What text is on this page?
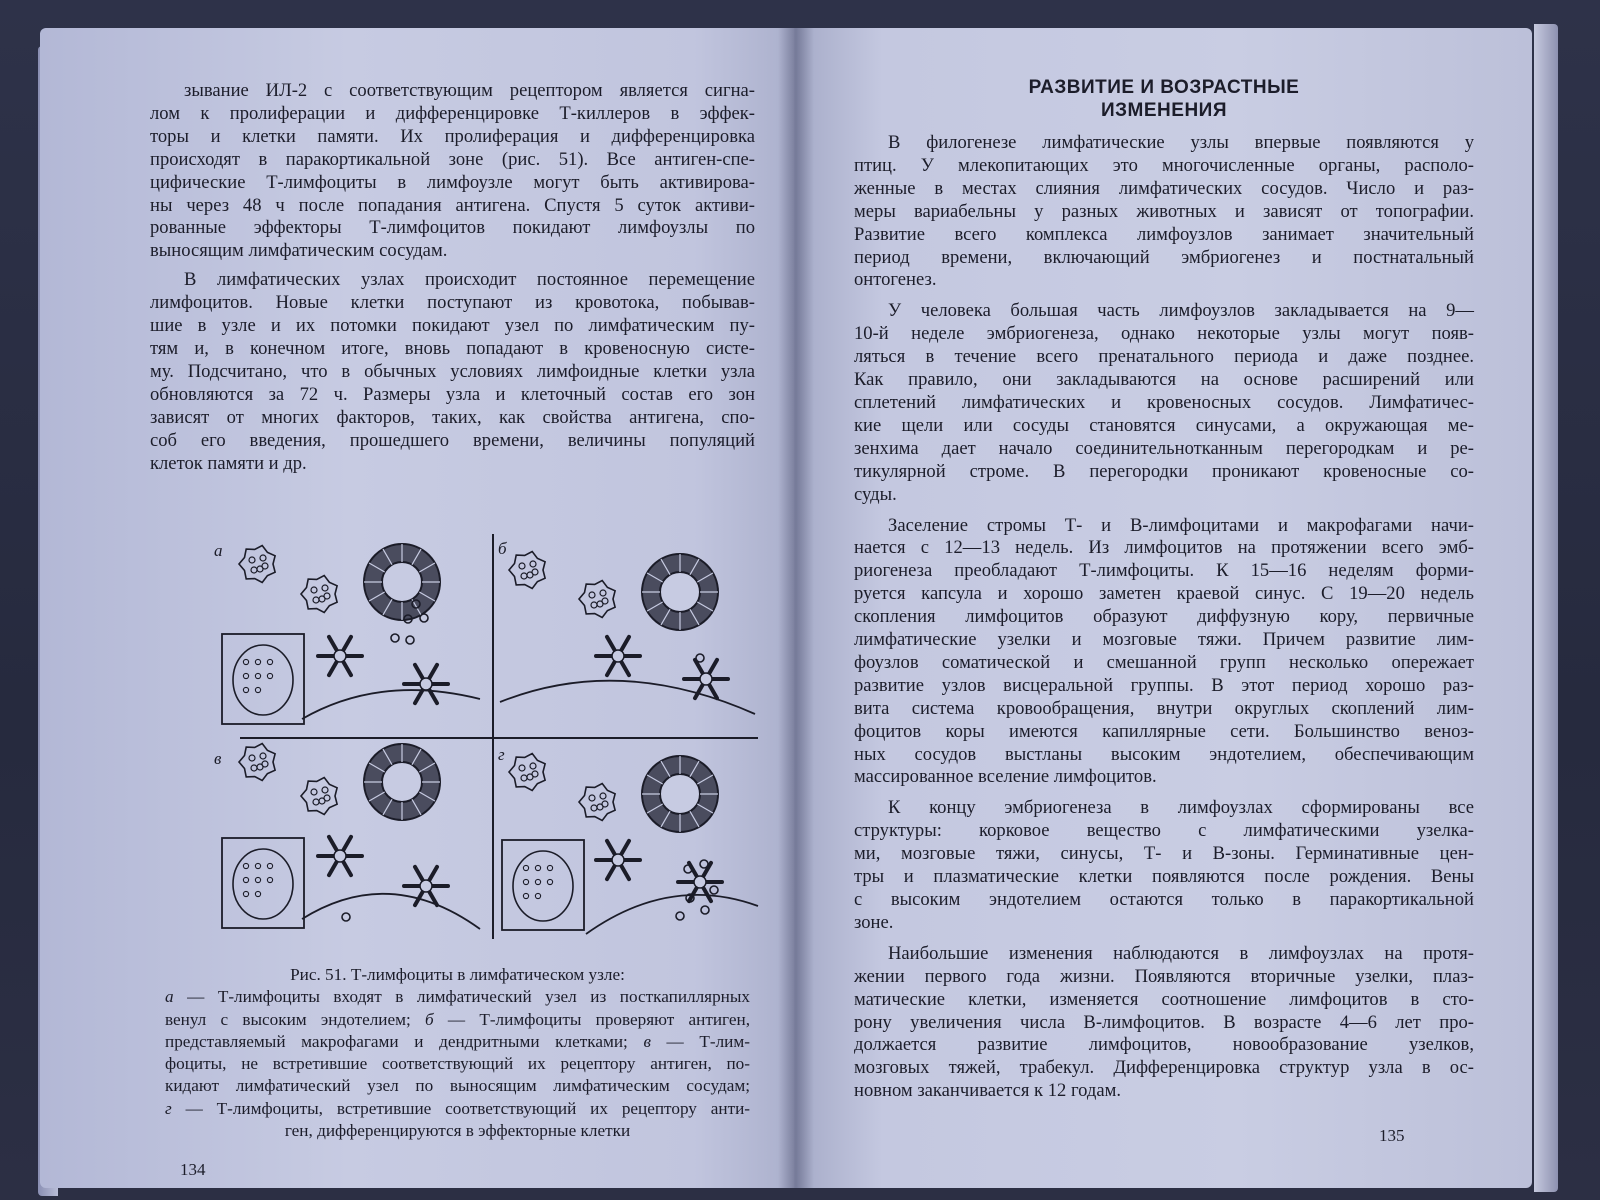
зывание ИЛ-2 с соответствующим рецептором является сигна-
лом к пролиферации и дифференцировке Т-киллеров в эффек-
торы и клетки памяти. Их пролиферация и дифференцировка
происходят в паракортикальной зоне (рис. 51). Все антиген-спе-
цифические Т-лимфоциты в лимфоузле могут быть активирова-
ны через 48 ч после попадания антигена. Спустя 5 суток активи-
рованные эффекторы Т-лимфоцитов покидают лимфоузлы по
выносящим лимфатическим сосудам.
В лимфатических узлах происходит постоянное перемещение
лимфоцитов. Новые клетки поступают из кровотока, побывав-
шие в узле и их потомки покидают узел по лимфатическим пу-
тям и, в конечном итоге, вновь попадают в кровеносную систе-
му. Подсчитано, что в обычных условиях лимфоидные клетки узла
обновляются за 72 ч. Размеры узла и клеточный состав его зон
зависят от многих факторов, таких, как свойства антигена, спо-
соб его введения, прошедшего времени, величины популяций
клеток памяти и др.
а	б
в	г
Рис. 51. Т-лимфоциты в лимфатическом узле:
а — Т-лимфоциты входят в лимфатический узел из посткапиллярных
венул с высоким эндотелием; б — Т-лимфоциты проверяют антиген,
представляемый макрофагами и дендритными клетками; в — Т-лим-
фоциты, не встретившие соответствующий их рецептору антиген, по-
кидают лимфатический узел по выносящим лимфатическим сосудам;
г — Т-лимфоциты, встретившие соответствующий их рецептору анти-
ген, дифференцируются в эффекторные клетки
134
РАЗВИТИЕ И ВОЗРАСТНЫЕ
ИЗМЕНЕНИЯ
В филогенезе лимфатические узлы впервые появляются у
птиц. У млекопитающих это многочисленные органы, располо-
женные в местах слияния лимфатических сосудов. Число и раз-
меры вариабельны у разных животных и зависят от топографии.
Развитие всего комплекса лимфоузлов занимает значительный
период времени, включающий эмбриогенез и постнатальный
онтогенез.
У человека большая часть лимфоузлов закладывается на 9—
10-й неделе эмбриогенеза, однако некоторые узлы могут появ-
ляться в течение всего пренатального периода и даже позднее.
Как правило, они закладываются на основе расширений или
сплетений лимфатических и кровеносных сосудов. Лимфатичес-
кие щели или сосуды становятся синусами, а окружающая ме-
зенхима дает начало соединительнотканным перегородкам и ре-
тикулярной строме. В перегородки проникают кровеносные со-
суды.
Заселение стромы Т- и В-лимфоцитами и макрофагами начи-
нается с 12—13 недель. Из лимфоцитов на протяжении всего эмб-
риогенеза преобладают Т-лимфоциты. К 15—16 неделям форми-
руется капсула и хорошо заметен краевой синус. С 19—20 недель
скопления лимфоцитов образуют диффузную кору, первичные
лимфатические узелки и мозговые тяжи. Причем развитие лим-
фоузлов соматической и смешанной групп несколько опережает
развитие узлов висцеральной группы. В этот период хорошо раз-
вита система кровообращения, внутри округлых скоплений лим-
фоцитов коры имеются капиллярные сети. Большинство веноз-
ных сосудов выстланы высоким эндотелием, обеспечивающим
массированное вселение лимфоцитов.
К концу эмбриогенеза в лимфоузлах сформированы все
структуры: корковое вещество с лимфатическими узелка-
ми, мозговые тяжи, синусы, Т- и В-зоны. Герминативные цен-
тры и плазматические клетки появляются после рождения. Вены
с высоким эндотелием остаются только в паракортикальной
зоне.
Наибольшие изменения наблюдаются в лимфоузлах на протя-
жении первого года жизни. Появляются вторичные узелки, плаз-
матические клетки, изменяется соотношение лимфоцитов в сто-
рону увеличения числа В-лимфоцитов. В возрасте 4—6 лет про-
должается развитие лимфоцитов, новообразование узелков,
мозговых тяжей, трабекул. Дифференцировка структур узла в ос-
новном заканчивается к 12 годам.
135
